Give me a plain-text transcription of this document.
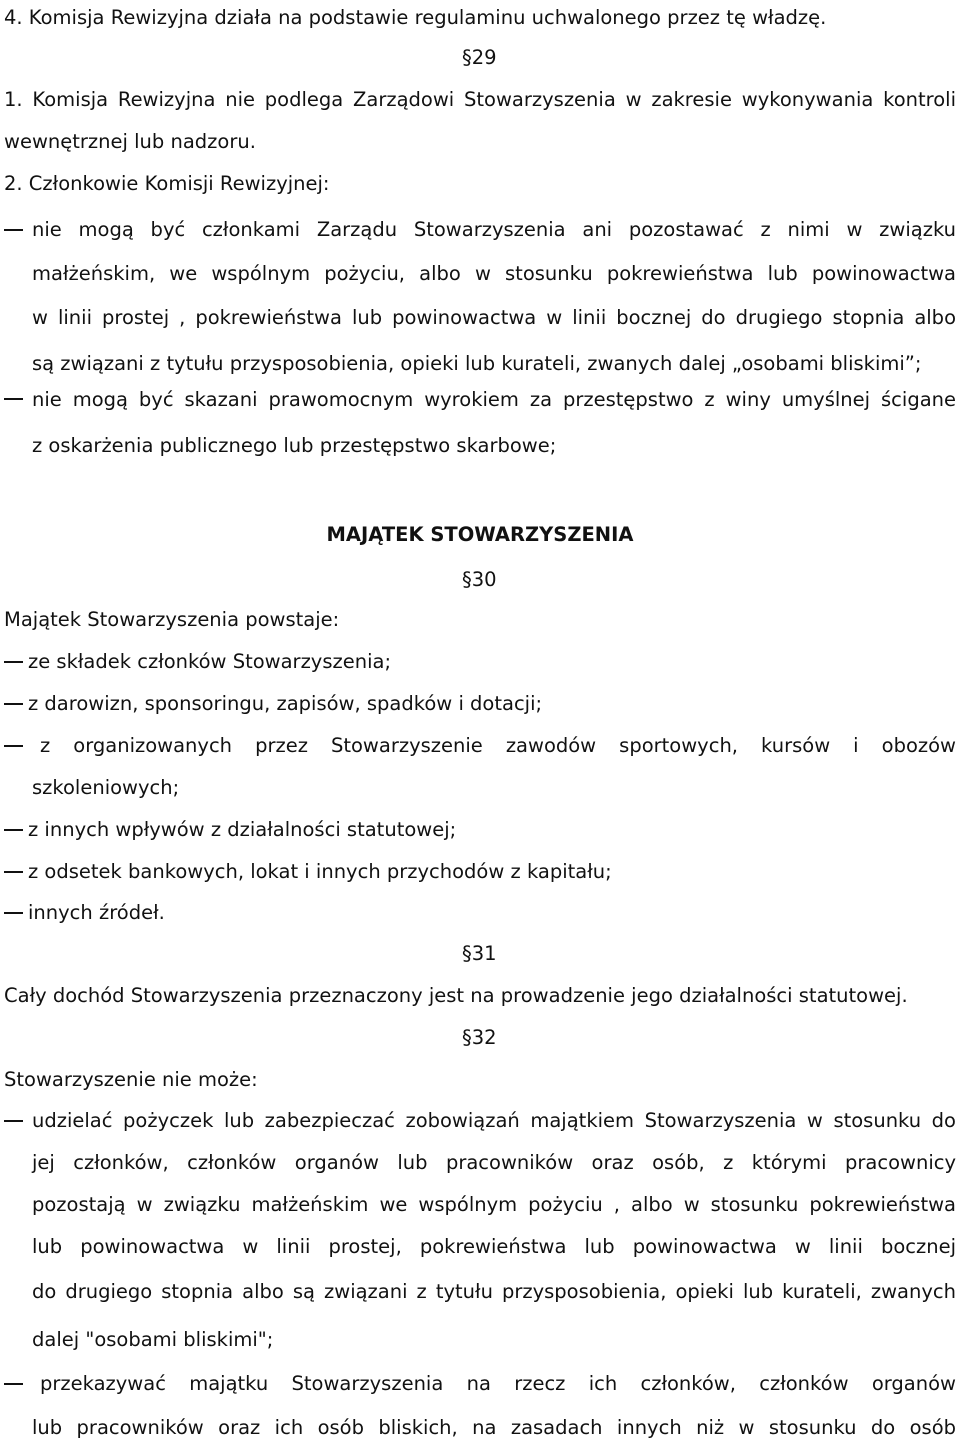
4. Komisja Rewizyjna działa na podstawie regulaminu uchwalonego przez tę władzę.
§29
1. Komisja Rewizyjna nie podlega Zarządowi Stowarzyszenia w zakresie wykonywania kontroli
wewnętrznej lub nadzoru.
2. Członkowie Komisji Rewizyjnej:
nie mogą być członkami Zarządu Stowarzyszenia ani pozostawać z nimi w związku
małżeńskim, we wspólnym pożyciu, albo w stosunku pokrewieństwa lub powinowactwa
w linii prostej , pokrewieństwa lub powinowactwa w linii bocznej do drugiego stopnia albo
są związani z tytułu przysposobienia, opieki lub kurateli, zwanych dalej „osobami bliskimi”;
nie mogą być skazani prawomocnym wyrokiem za przestępstwo z winy umyślnej ścigane
z oskarżenia publicznego lub przestępstwo skarbowe;
MAJĄTEK STOWARZYSZENIA
§30
Majątek Stowarzyszenia powstaje:
ze składek członków Stowarzyszenia;
z darowizn, sponsoringu, zapisów, spadków i dotacji;
z organizowanych przez Stowarzyszenie zawodów sportowych, kursów i obozów
szkoleniowych;
z innych wpływów z działalności statutowej;
z odsetek bankowych, lokat i innych przychodów z kapitału;
innych źródeł.
§31
Cały dochód Stowarzyszenia przeznaczony jest na prowadzenie jego działalności statutowej.
§32
Stowarzyszenie nie może:
udzielać pożyczek lub zabezpieczać zobowiązań majątkiem Stowarzyszenia w stosunku do
jej członków, członków organów lub pracowników oraz osób, z którymi pracownicy
pozostają w związku małżeńskim we wspólnym pożyciu , albo w stosunku pokrewieństwa
lub powinowactwa w linii prostej, pokrewieństwa lub powinowactwa w linii bocznej
do drugiego stopnia albo są związani z tytułu przysposobienia, opieki lub kurateli, zwanych
dalej "osobami bliskimi";
przekazywać majątku Stowarzyszenia na rzecz ich członków, członków organów
lub pracowników oraz ich osób bliskich, na zasadach innych niż w stosunku do osób
